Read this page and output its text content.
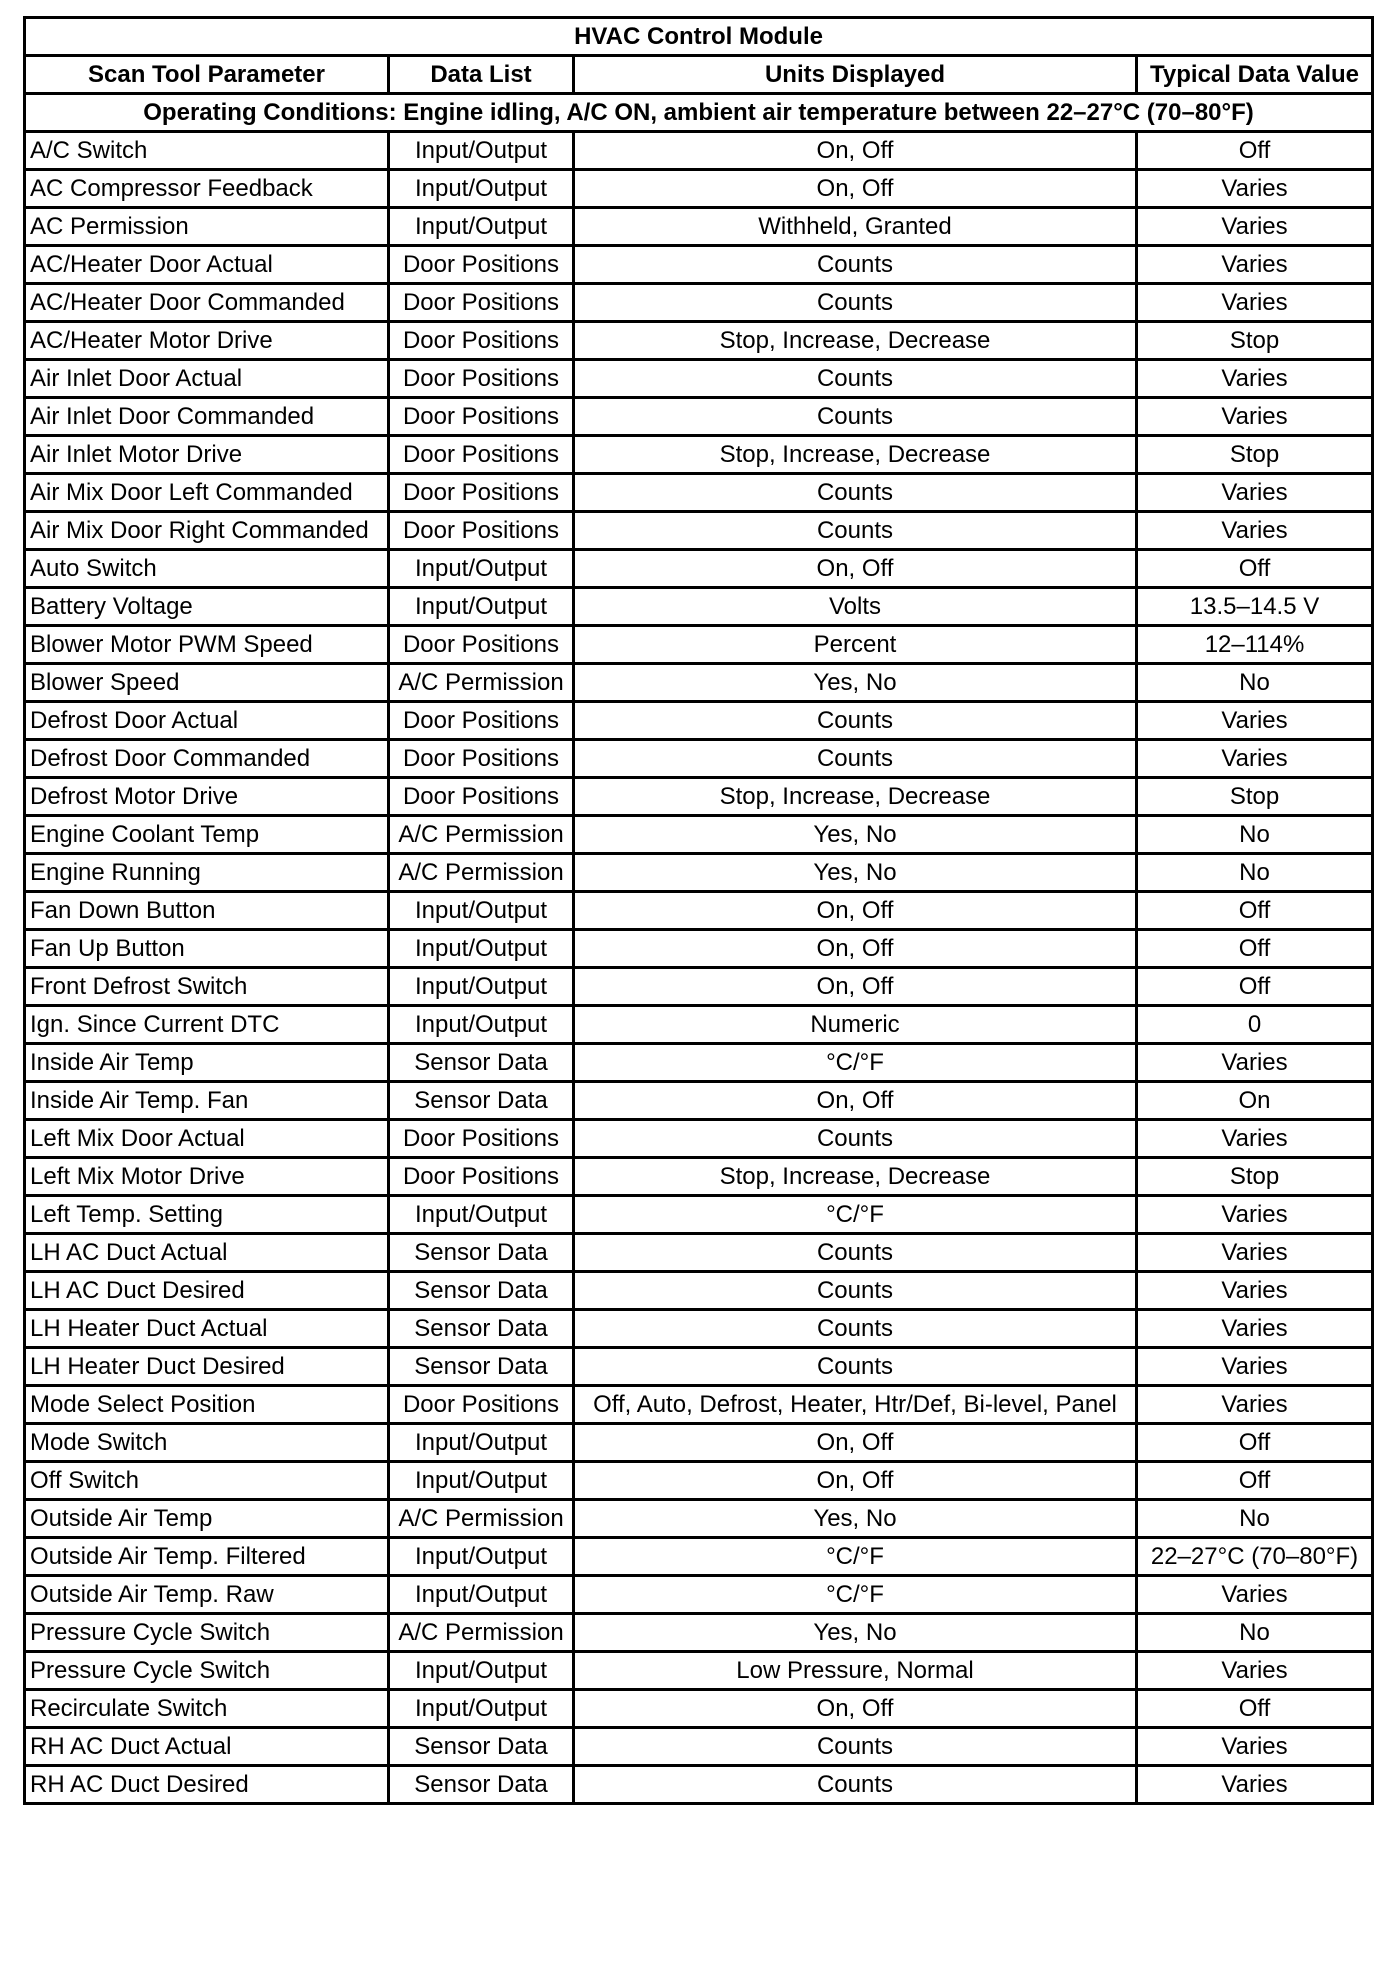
HVAC Control Module			
Scan Tool Parameter	Data List	Units Displayed	Typical Data Value
Operating Conditions: Engine idling, A/C ON, ambient air temperature between 22–27°C (70–80°F)			
A/C Switch	Input/Output	On, Off	Off
AC Compressor Feedback	Input/Output	On, Off	Varies
AC Permission	Input/Output	Withheld, Granted	Varies
AC/Heater Door Actual	Door Positions	Counts	Varies
AC/Heater Door Commanded	Door Positions	Counts	Varies
AC/Heater Motor Drive	Door Positions	Stop, Increase, Decrease	Stop
Air Inlet Door Actual	Door Positions	Counts	Varies
Air Inlet Door Commanded	Door Positions	Counts	Varies
Air Inlet Motor Drive	Door Positions	Stop, Increase, Decrease	Stop
Air Mix Door Left Commanded	Door Positions	Counts	Varies
Air Mix Door Right Commanded	Door Positions	Counts	Varies
Auto Switch	Input/Output	On, Off	Off
Battery Voltage	Input/Output	Volts	13.5–14.5 V
Blower Motor PWM Speed	Door Positions	Percent	12–114%
Blower Speed	A/C Permission	Yes, No	No
Defrost Door Actual	Door Positions	Counts	Varies
Defrost Door Commanded	Door Positions	Counts	Varies
Defrost Motor Drive	Door Positions	Stop, Increase, Decrease	Stop
Engine Coolant Temp	A/C Permission	Yes, No	No
Engine Running	A/C Permission	Yes, No	No
Fan Down Button	Input/Output	On, Off	Off
Fan Up Button	Input/Output	On, Off	Off
Front Defrost Switch	Input/Output	On, Off	Off
Ign. Since Current DTC	Input/Output	Numeric	0
Inside Air Temp	Sensor Data	°C/°F	Varies
Inside Air Temp. Fan	Sensor Data	On, Off	On
Left Mix Door Actual	Door Positions	Counts	Varies
Left Mix Motor Drive	Door Positions	Stop, Increase, Decrease	Stop
Left Temp. Setting	Input/Output	°C/°F	Varies
LH AC Duct Actual	Sensor Data	Counts	Varies
LH AC Duct Desired	Sensor Data	Counts	Varies
LH Heater Duct Actual	Sensor Data	Counts	Varies
LH Heater Duct Desired	Sensor Data	Counts	Varies
Mode Select Position	Door Positions	Off, Auto, Defrost, Heater, Htr/Def, Bi-level, Panel	Varies
Mode Switch	Input/Output	On, Off	Off
Off Switch	Input/Output	On, Off	Off
Outside Air Temp	A/C Permission	Yes, No	No
Outside Air Temp. Filtered	Input/Output	°C/°F	22–27°C (70–80°F)
Outside Air Temp. Raw	Input/Output	°C/°F	Varies
Pressure Cycle Switch	A/C Permission	Yes, No	No
Pressure Cycle Switch	Input/Output	Low Pressure, Normal	Varies
Recirculate Switch	Input/Output	On, Off	Off
RH AC Duct Actual	Sensor Data	Counts	Varies
RH AC Duct Desired	Sensor Data	Counts	Varies
